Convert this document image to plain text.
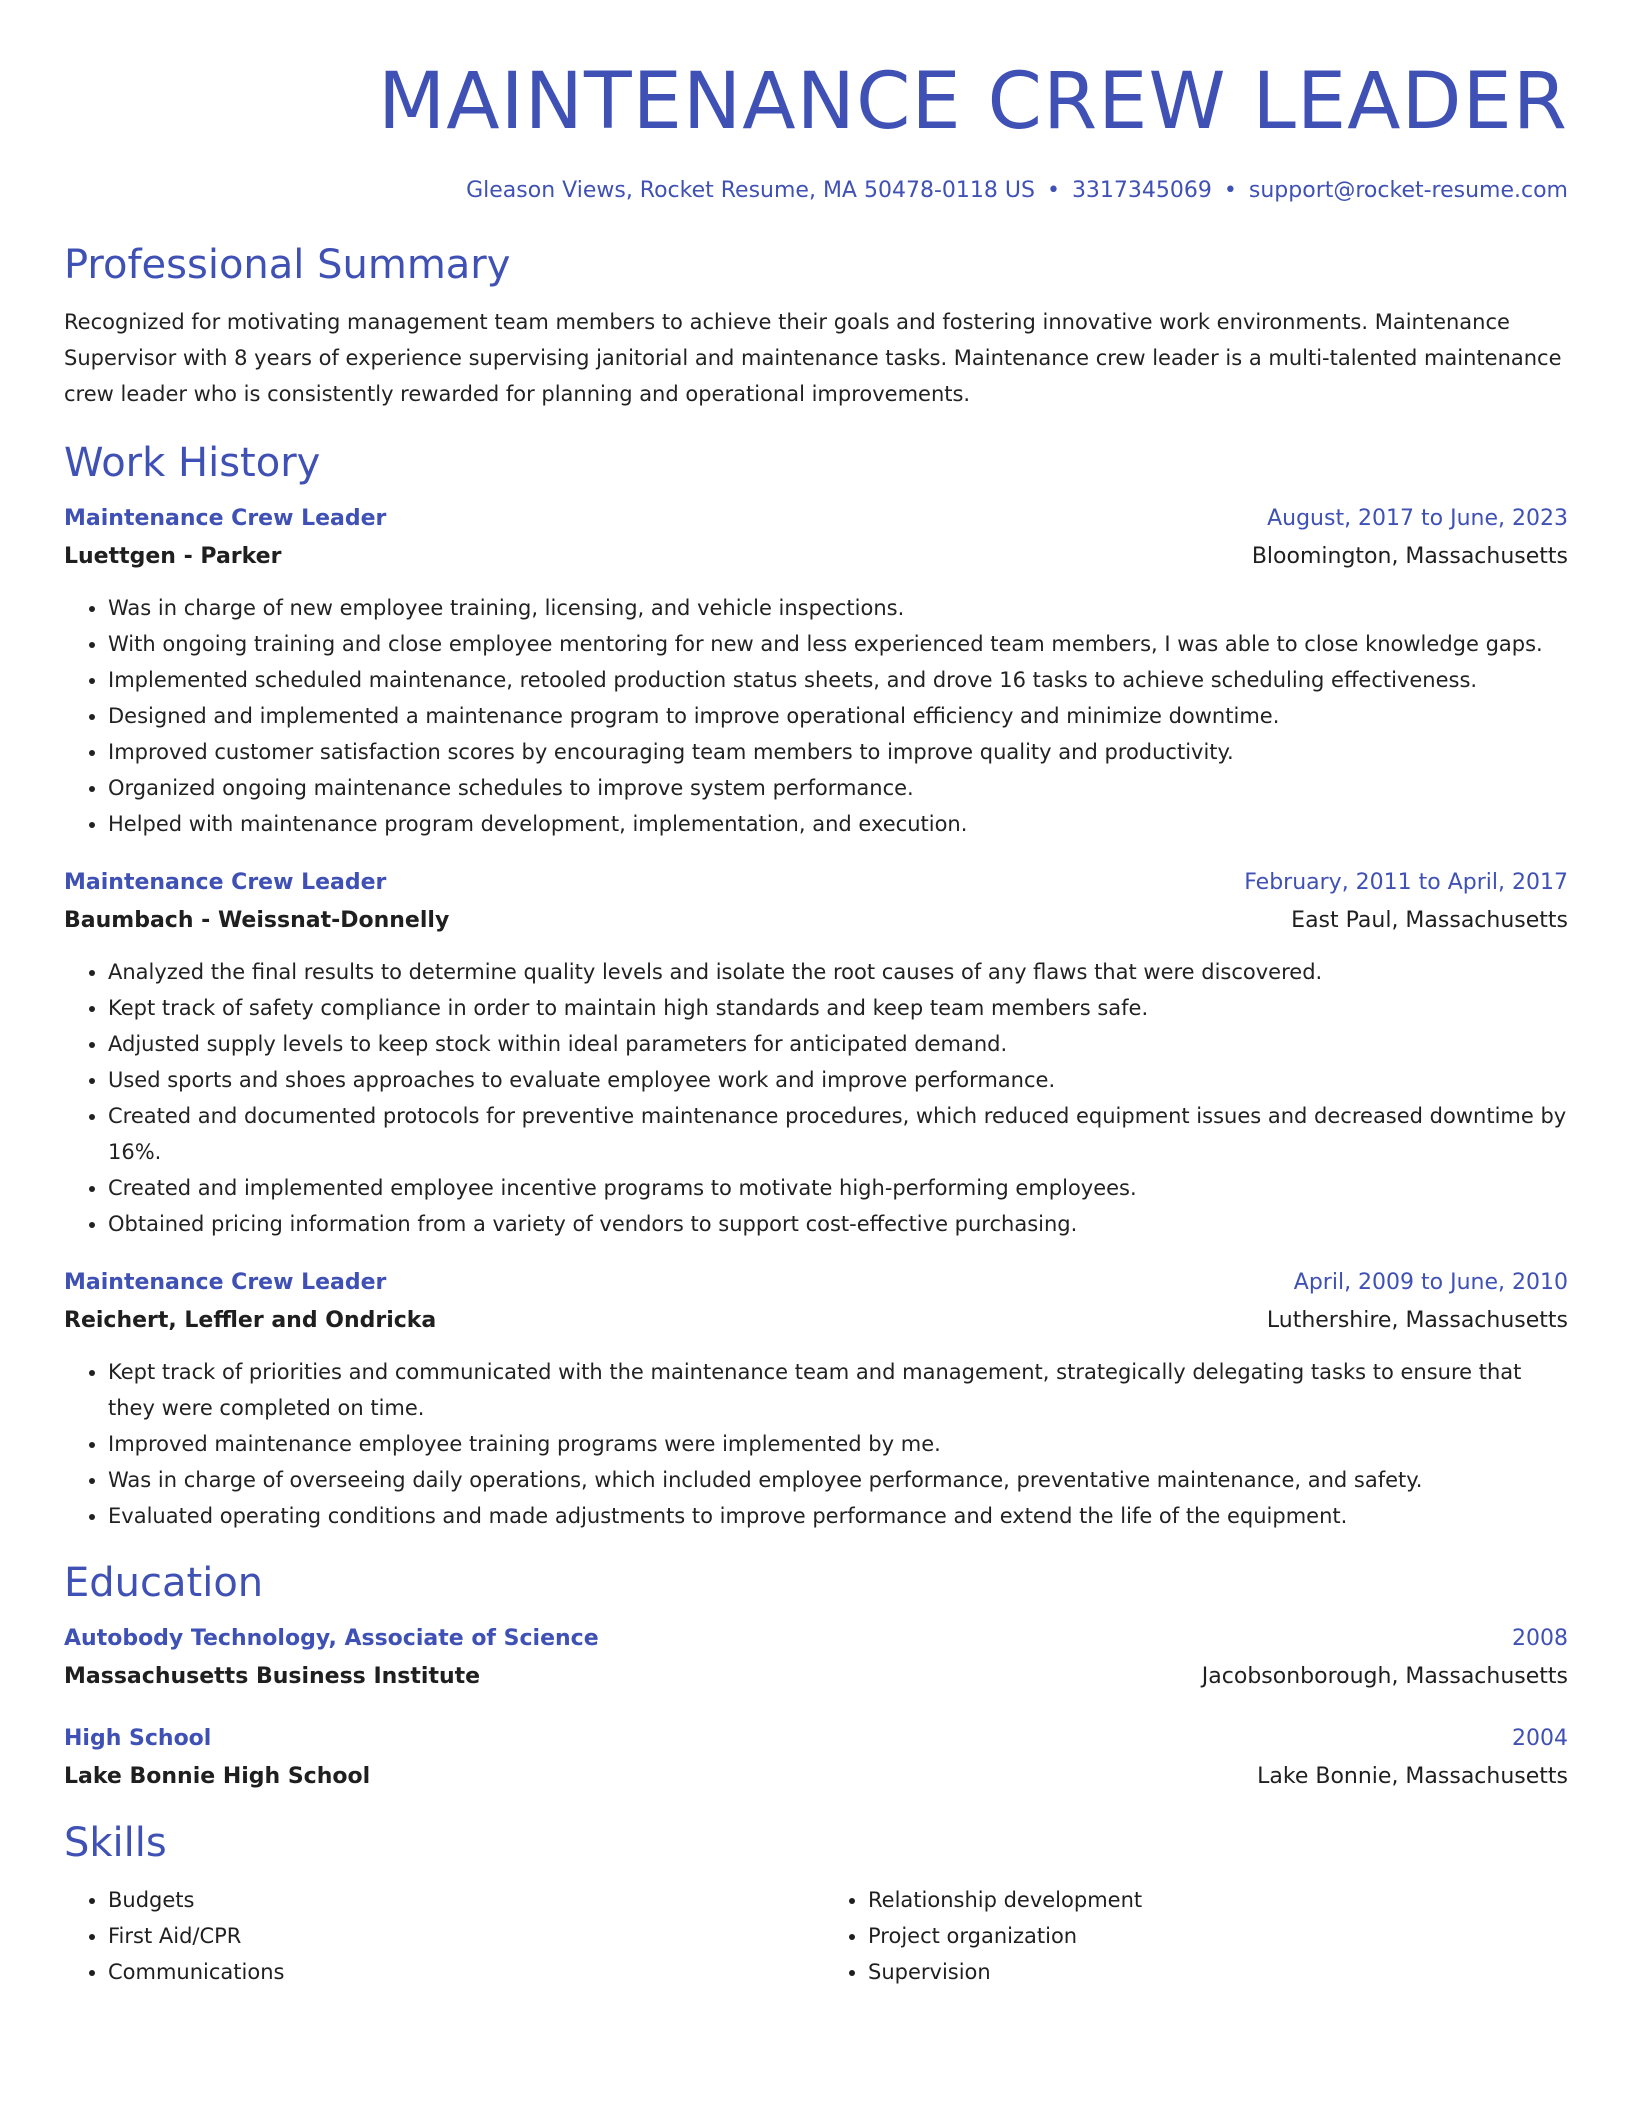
MAINTENANCE CREW LEADER
Gleason Views, Rocket Resume, MA 50478-0118 US • 3317345069 • support@rocket-resume.com
Professional Summary
Recognized for motivating management team members to achieve their goals and fostering innovative work environments. Maintenance Supervisor with 8 years of experience supervising janitorial and maintenance tasks. Maintenance crew leader is a multi-talented maintenance crew leader who is consistently rewarded for planning and operational improvements.
Work History
Maintenance Crew Leader	August, 2017 to June, 2023
Luettgen - Parker	Bloomington, Massachusetts
• Was in charge of new employee training, licensing, and vehicle inspections.
• With ongoing training and close employee mentoring for new and less experienced team members, I was able to close knowledge gaps.
• Implemented scheduled maintenance, retooled production status sheets, and drove 16 tasks to achieve scheduling effectiveness.
• Designed and implemented a maintenance program to improve operational efficiency and minimize downtime.
• Improved customer satisfaction scores by encouraging team members to improve quality and productivity.
• Organized ongoing maintenance schedules to improve system performance.
• Helped with maintenance program development, implementation, and execution.
Maintenance Crew Leader	February, 2011 to April, 2017
Baumbach - Weissnat-Donnelly	East Paul, Massachusetts
• Analyzed the final results to determine quality levels and isolate the root causes of any flaws that were discovered.
• Kept track of safety compliance in order to maintain high standards and keep team members safe.
• Adjusted supply levels to keep stock within ideal parameters for anticipated demand.
• Used sports and shoes approaches to evaluate employee work and improve performance.
• Created and documented protocols for preventive maintenance procedures, which reduced equipment issues and decreased downtime by 16%.
• Created and implemented employee incentive programs to motivate high-performing employees.
• Obtained pricing information from a variety of vendors to support cost-effective purchasing.
Maintenance Crew Leader	April, 2009 to June, 2010
Reichert, Leffler and Ondricka	Luthershire, Massachusetts
• Kept track of priorities and communicated with the maintenance team and management, strategically delegating tasks to ensure that they were completed on time.
• Improved maintenance employee training programs were implemented by me.
• Was in charge of overseeing daily operations, which included employee performance, preventative maintenance, and safety.
• Evaluated operating conditions and made adjustments to improve performance and extend the life of the equipment.
Education
Autobody Technology, Associate of Science	2008
Massachusetts Business Institute	Jacobsonborough, Massachusetts
High School	2004
Lake Bonnie High School	Lake Bonnie, Massachusetts
Skills
• Budgets
• First Aid/CPR
• Communications
• Relationship development
• Project organization
• Supervision
